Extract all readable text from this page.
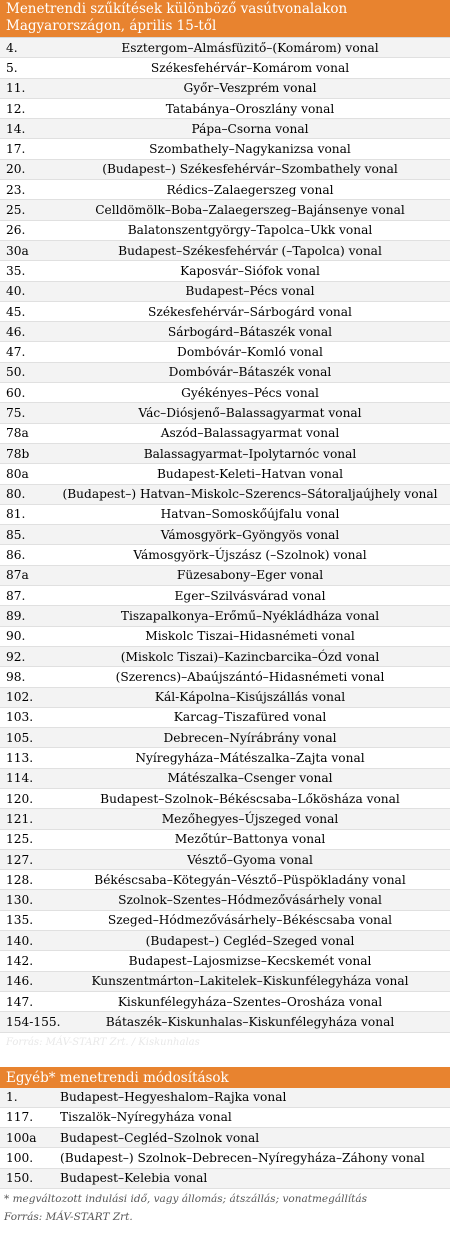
Menetrendi szűkítések különböző vasútvonalakon
Magyarországon, április 15-től
4.	Esztergom–Almásfüzitő–(Komárom) vonal
5.	Székesfehérvár–Komárom vonal
11.	Győr–Veszprém vonal
12.	Tatabánya–Oroszlány vonal
14.	Pápa–Csorna vonal
17.	Szombathely–Nagykanizsa vonal
20.	(Budapest–) Székesfehérvár–Szombathely vonal
23.	Rédics–Zalaegerszeg vonal
25.	Celldömölk–Boba–Zalaegerszeg–Bajánsenye vonal
26.	Balatonszentgyörgy–Tapolca–Ukk vonal
30a	Budapest–Székesfehérvár (–Tapolca) vonal
35.	Kaposvár–Siófok vonal
40.	Budapest–Pécs vonal
45.	Székesfehérvár–Sárbogárd vonal
46.	Sárbogárd–Bátaszék vonal
47.	Dombóvár–Komló vonal
50.	Dombóvár–Bátaszék vonal
60.	Gyékényes–Pécs vonal
75.	Vác–Diósjenő–Balassagyarmat vonal
78a	Aszód–Balassagyarmat vonal
78b	Balassagyarmat–Ipolytarnóc vonal
80a	Budapest-Keleti–Hatvan vonal
80.	(Budapest–) Hatvan–Miskolc–Szerencs–Sátoraljaújhely vonal
81.	Hatvan–Somoskőújfalu vonal
85.	Vámosgyörk–Gyöngyös vonal
86.	Vámosgyörk–Újszász (–Szolnok) vonal
87a	Füzesabony–Eger vonal
87.	Eger–Szilvásvárad vonal
89.	Tiszapalkonya–Erőmű–Nyékládháza vonal
90.	Miskolc Tiszai–Hidasnémeti vonal
92.	(Miskolc Tiszai)–Kazincbarcika–Ózd vonal
98.	(Szerencs)–Abaújszántó–Hidasnémeti vonal
102.	Kál-Kápolna–Kisújszállás vonal
103.	Karcag–Tiszafüred vonal
105.	Debrecen–Nyírábrány vonal
113.	Nyíregyháza–Mátészalka–Zajta vonal
114.	Mátészalka–Csenger vonal
120.	Budapest–Szolnok–Békéscsaba–Lőkösháza vonal
121.	Mezőhegyes–Újszeged vonal
125.	Mezőtúr–Battonya vonal
127.	Vésztő–Gyoma vonal
128.	Békéscsaba–Kötegyán–Vésztő–Püspökladány vonal
130.	Szolnok–Szentes–Hódmezővásárhely vonal
135.	Szeged–Hódmezővásárhely–Békéscsaba vonal
140.	(Budapest–) Cegléd–Szeged vonal
142.	Budapest–Lajosmizse–Kecskemét vonal
146.	Kunszentmárton–Lakitelek–Kiskunfélegyháza vonal
147.	Kiskunfélegyháza–Szentes–Orosháza vonal
154-155.	Bátaszék–Kiskunhalas–Kiskunfélegyháza vonal
Forrás: MÁV-START Zrt. / Kiskunhalas
Egyéb* menetrendi módosítások
1.	Budapest–Hegyeshalom–Rajka vonal
117.	Tiszalök–Nyíregyháza vonal
100a	Budapest–Cegléd–Szolnok vonal
100.	(Budapest–) Szolnok–Debrecen–Nyíregyháza–Záhony vonal
150.	Budapest–Kelebia vonal
* megváltozott indulási idő, vagy állomás; átszállás; vonatmegállítás
Forrás: MÁV-START Zrt.
